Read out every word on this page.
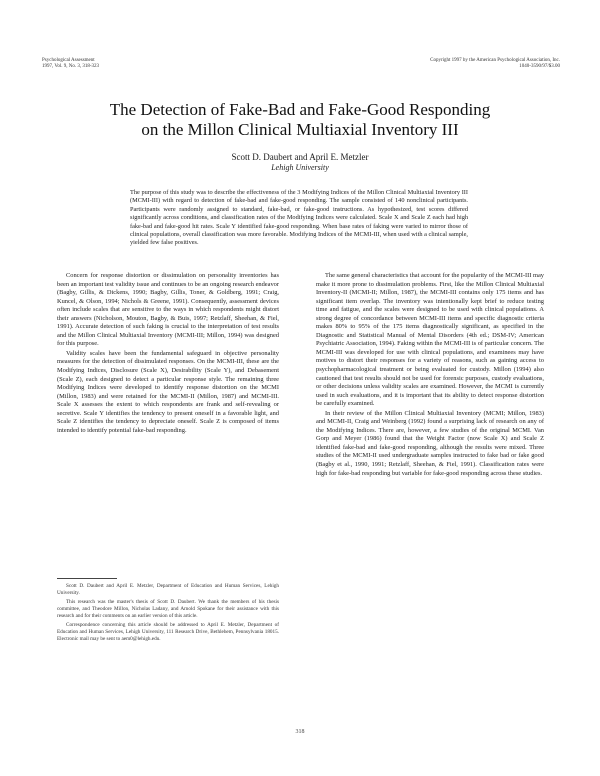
Psychological Assessment
1997, Vol. 9, No. 3, 318-323
Copyright 1997 by the American Psychological Association, Inc.
1040-3590/97/$3.00
The Detection of Fake-Bad and Fake-Good Responding
on the Millon Clinical Multiaxial Inventory III
Scott D. Daubert and April E. Metzler
Lehigh University
The purpose of this study was to describe the effectiveness of the 3 Modifying Indices of the Millon Clinical Multiaxial Inventory III (MCMI-III) with regard to detection of fake-bad and fake-good responding. The sample consisted of 140 nonclinical participants. Participants were randomly assigned to standard, fake-bad, or fake-good instructions. As hypothesized, test scores differed significantly across conditions, and classification rates of the Modifying Indices were calculated. Scale X and Scale Z each had high fake-bad and fake-good hit rates. Scale Y identified fake-good responding. When base rates of faking were varied to mirror those of clinical populations, overall classification was more favorable. Modifying Indices of the MCMI-III, when used with a clinical sample, yielded few false positives.

Concern for response distortion or dissimulation on personality inventories has been an important test validity issue and continues to be an ongoing research endeavor (Bagby, Gillis, & Dickens, 1990; Bagby, Gillis, Toner, & Goldberg, 1991; Craig, Kuncel, & Olson, 1994; Nichols & Greene, 1991). Consequently, assessment devices often include scales that are sensitive to the ways in which respondents might distort their answers (Nicholson, Mouton, Bagby, & Buis, 1997; Retzlaff, Sheehan, & Fiel, 1991). Accurate detection of such faking is crucial to the interpretation of test results and the Millon Clinical Multiaxial Inventory (MCMI-III; Millon, 1994) was designed for this purpose.

Validity scales have been the fundamental safeguard in objective personality measures for the detection of dissimulated responses. On the MCMI-III, these are the Modifying Indices, Disclosure (Scale X), Desirability (Scale Y), and Debasement (Scale Z), each designed to detect a particular response style. The remaining three Modifying Indices were developed to identify response distortion on the MCMI (Millon, 1983) and were retained for the MCMI-II (Millon, 1987) and MCMI-III. Scale X assesses the extent to which respondents are frank and self-revealing or secretive. Scale Y identifies the tendency to present oneself in a favorable light, and Scale Z identifies the tendency to depreciate oneself. Scale Z is composed of items intended to identify potential fake-bad responding.

The same general characteristics that account for the popularity of the MCMI-III may make it more prone to dissimulation problems. First, like the Millon Clinical Multiaxial Inventory-II (MCMI-II; Millon, 1987), the MCMI-III contains only 175 items and has significant item overlap. The inventory was intentionally kept brief to reduce testing time and fatigue, and the scales were designed to be used with clinical populations. A strong degree of concordance between MCMI-III items and specific diagnostic criteria makes 80% to 95% of the 175 items diagnostically significant, as specified in the Diagnostic and Statistical Manual of Mental Disorders (4th ed.; DSM-IV; American Psychiatric Association, 1994). Faking within the MCMI-III is of particular concern. The MCMI-III was developed for use with clinical populations, and examinees may have motives to distort their responses for a variety of reasons, such as gaining access to psychopharmacological treatment or being evaluated for custody. Millon (1994) also cautioned that test results should not be used for forensic purposes, custody evaluations, or other decisions unless validity scales are examined. However, the MCMI is currently used in such evaluations, and it is important that its ability to detect response distortion be carefully examined.

In their review of the Millon Clinical Multiaxial Inventory (MCMI; Millon, 1983) and MCMI-II, Craig and Weinberg (1992) found a surprising lack of research on any of the Modifying Indices. There are, however, a few studies of the original MCMI. Van Gorp and Meyer (1986) found that the Weight Factor (now Scale X) and Scale Z identified fake-bad and fake-good responding, although the results were mixed. Three studies of the MCMI-II used undergraduate samples instructed to fake bad or fake good (Bagby et al., 1990, 1991; Retzlaff, Sheehan, & Fiel, 1991). Classification rates were high for fake-bad responding but variable for fake-good responding across these studies.

Scott D. Daubert and April E. Metzler, Department of Education and Human Services, Lehigh University.

This research was the master's thesis of Scott D. Daubert. We thank the members of his thesis committee, and Theodore Millon, Nicholas Ladany, and Arnold Spokane for their assistance with this research and for their comments on an earlier version of this article.

Correspondence concerning this article should be addressed to April E. Metzler, Department of Education and Human Services, Lehigh University, 111 Research Drive, Bethlehem, Pennsylvania 18015. Electronic mail may be sent to aem0@lehigh.edu.

318
